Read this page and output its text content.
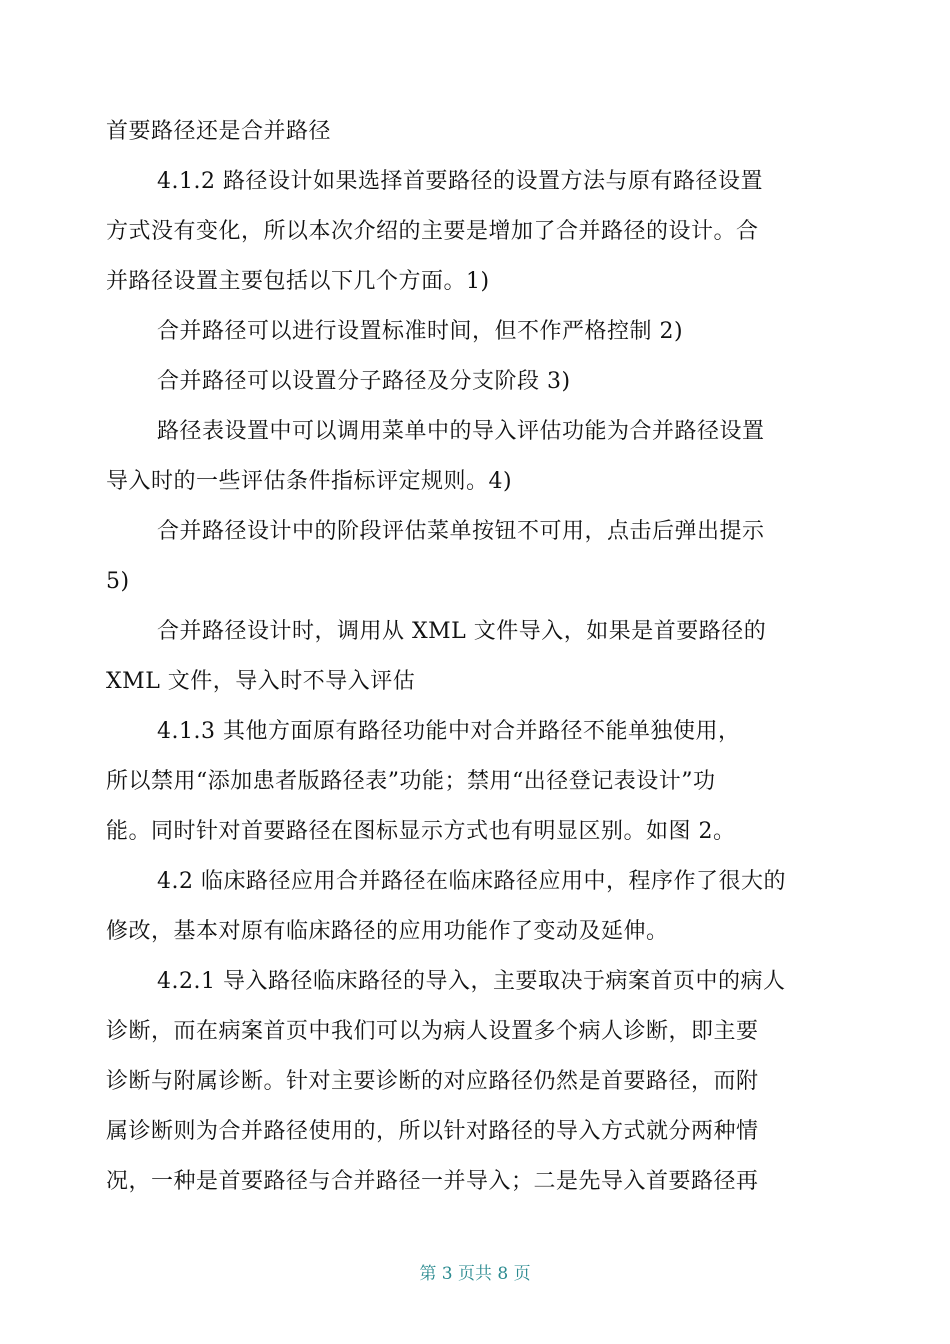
首要路径还是合并路径
4.1.2 路径设计如果选择首要路径的设置方法与原有路径设置
方式没有变化，所以本次介绍的主要是增加了合并路径的设计。合
并路径设置主要包括以下几个方面。1)
合并路径可以进行设置标准时间，但不作严格控制 2)
合并路径可以设置分子路径及分支阶段 3)
路径表设置中可以调用菜单中的导入评估功能为合并路径设置
导入时的一些评估条件指标评定规则。4)
合并路径设计中的阶段评估菜单按钮不可用，点击后弹出提示
5)
合并路径设计时，调用从 XML 文件导入，如果是首要路径的
XML 文件，导入时不导入评估
4.1.3 其他方面原有路径功能中对合并路径不能单独使用，
所以禁用“添加患者版路径表”功能；禁用“出径登记表设计”功
能。同时针对首要路径在图标显示方式也有明显区别。如图 2。
4.2 临床路径应用合并路径在临床路径应用中，程序作了很大的
修改，基本对原有临床路径的应用功能作了变动及延伸。
4.2.1 导入路径临床路径的导入，主要取决于病案首页中的病人
诊断，而在病案首页中我们可以为病人设置多个病人诊断，即主要
诊断与附属诊断。针对主要诊断的对应路径仍然是首要路径，而附
属诊断则为合并路径使用的，所以针对路径的导入方式就分两种情
况，一种是首要路径与合并路径一并导入；二是先导入首要路径再
第 3 页共 8 页
